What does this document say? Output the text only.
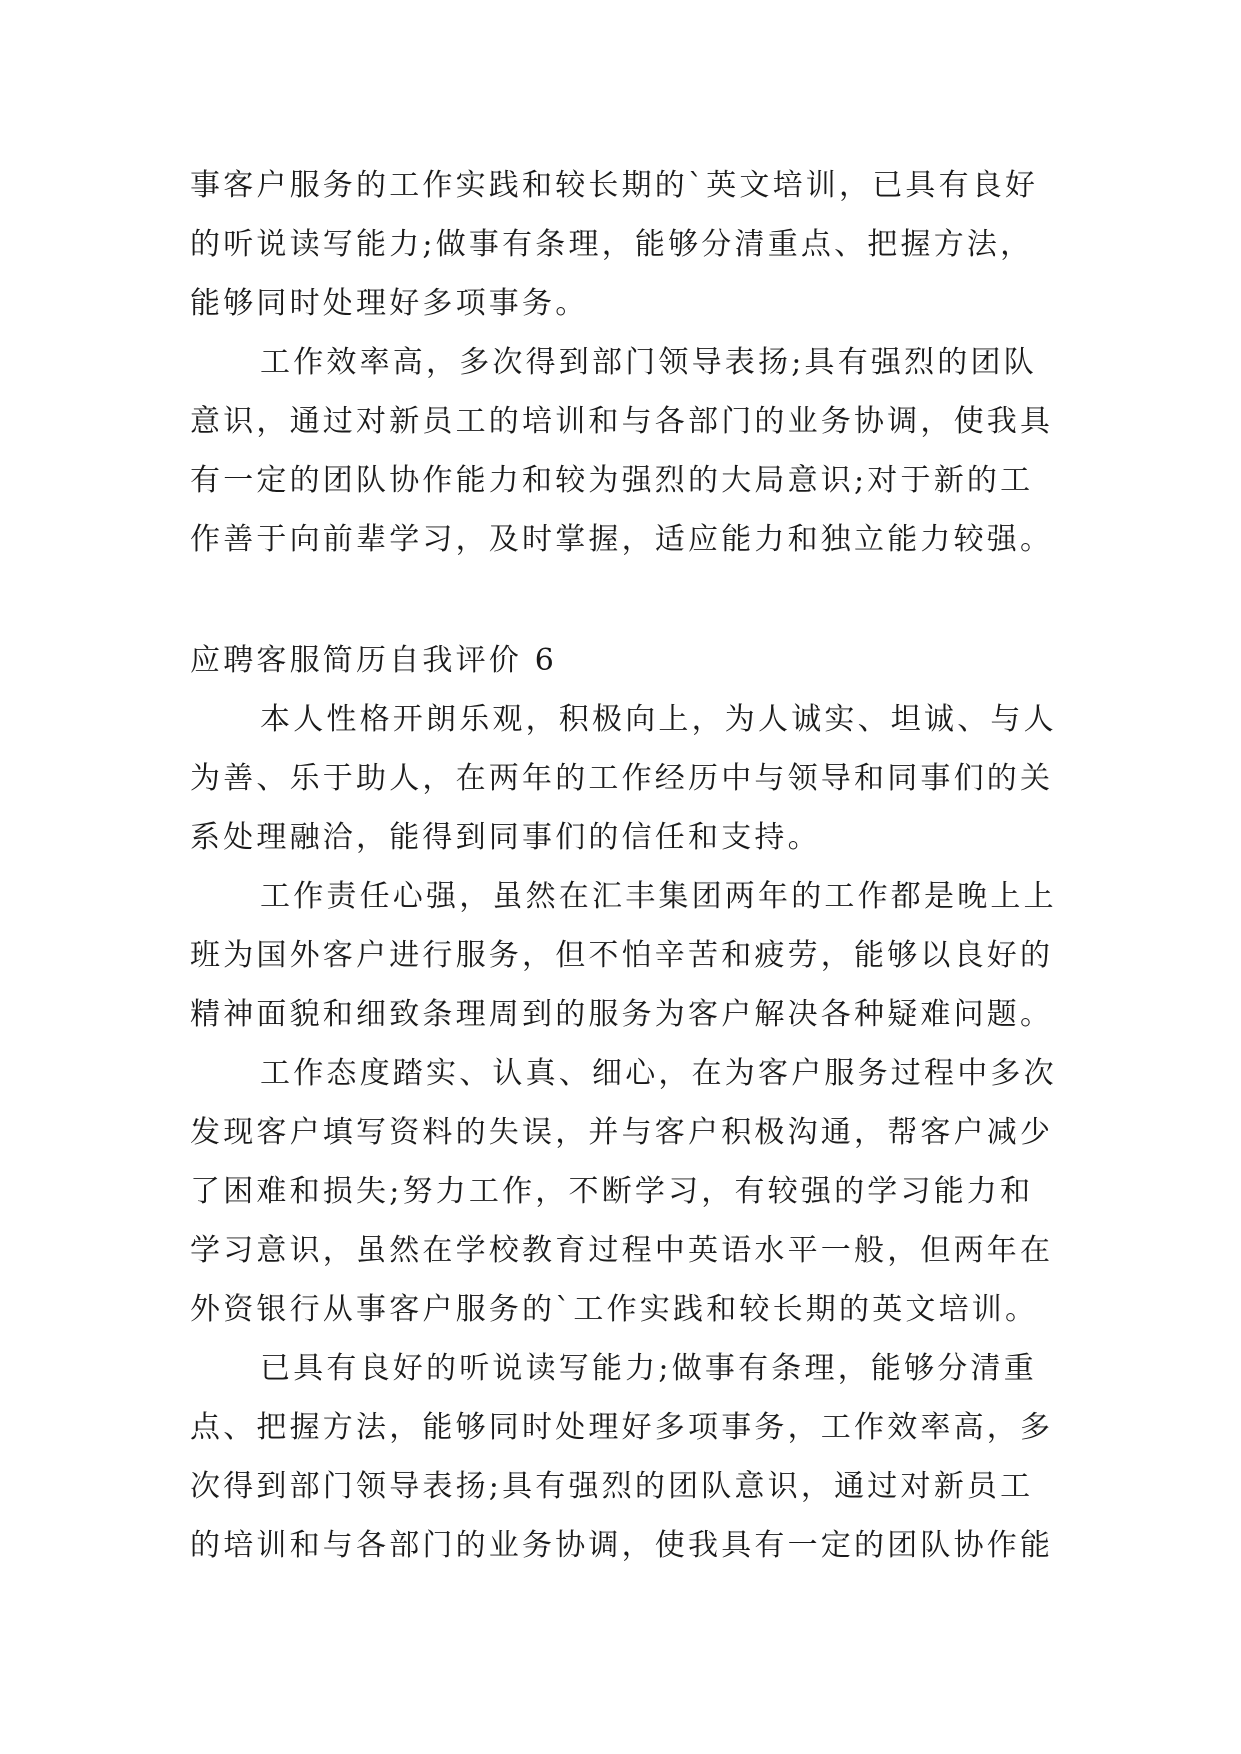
事客户服务的工作实践和较长期的`英文培训，已具有良好
的听说读写能力;做事有条理，能够分清重点、把握方法，
能够同时处理好多项事务。
工作效率高，多次得到部门领导表扬;具有强烈的团队
意识，通过对新员工的培训和与各部门的业务协调，使我具
有一定的团队协作能力和较为强烈的大局意识;对于新的工
作善于向前辈学习，及时掌握，适应能力和独立能力较强。
应聘客服简历自我评价 6
本人性格开朗乐观，积极向上，为人诚实、坦诚、与人
为善、乐于助人，在两年的工作经历中与领导和同事们的关
系处理融洽，能得到同事们的信任和支持。
工作责任心强，虽然在汇丰集团两年的工作都是晚上上
班为国外客户进行服务，但不怕辛苦和疲劳，能够以良好的
精神面貌和细致条理周到的服务为客户解决各种疑难问题。
工作态度踏实、认真、细心，在为客户服务过程中多次
发现客户填写资料的失误，并与客户积极沟通，帮客户减少
了困难和损失;努力工作，不断学习，有较强的学习能力和
学习意识，虽然在学校教育过程中英语水平一般，但两年在
外资银行从事客户服务的`工作实践和较长期的英文培训。
已具有良好的听说读写能力;做事有条理，能够分清重
点、把握方法，能够同时处理好多项事务，工作效率高，多
次得到部门领导表扬;具有强烈的团队意识，通过对新员工
的培训和与各部门的业务协调，使我具有一定的团队协作能
